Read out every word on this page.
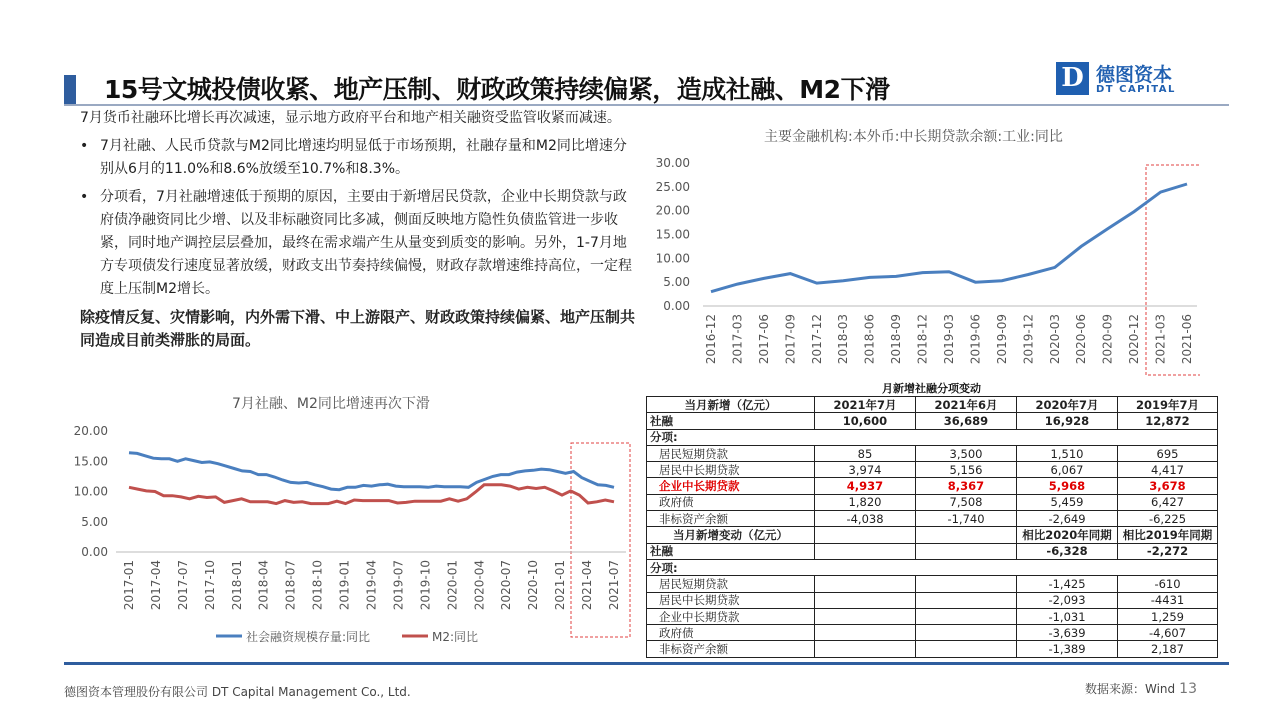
15号文城投债收紧、地产压制、财政政策持续偏紧，造成社融、M2下滑	D 德图资本
DT CAPITAL

7月货币社融环比增长再次减速，显示地方政府平台和地产相关融资受监管收紧而减速。

• 7月社融、人民币贷款与M2同比增速均明显低于市场预期，社融存量和M2同比增速分别从6月的11.0%和8.6%放缓至10.7%和8.3%。

• 分项看，7月社融增速低于预期的原因，主要由于新增居民贷款，企业中长期贷款与政府债净融资同比少增、以及非标融资同比多减，侧面反映地方隐性负债监管进一步收紧，同时地产调控层层叠加，最终在需求端产生从量变到质变的影响。另外，1-7月地方专项债发行速度显著放缓，财政支出节奏持续偏慢，财政存款增速维持高位，一定程度上压制M2增长。

除疫情反复、灾情影响，内外需下滑、中上游限产、财政政策持续偏紧、地产压制共同造成目前类滞胀的局面。

7月社融、M2同比增速再次下滑
20.00
15.00
10.00
5.00
0.00
2017-01 2017-04 2017-07 2017-10 2018-01 2018-04 2018-07 2018-10 2019-01 2019-04 2019-07 2019-10 2020-01 2020-04 2020-07 2020-10 2021-01 2021-04 2021-07
社会融资规模存量:同比	M2:同比
主要金融机构:本外币:中长期贷款余额:工业:同比
30.00
25.00
20.00
15.00
10.00
5.00
0.00
2016-12 2017-03 2017-06 2017-09 2017-12 2018-03 2018-06 2018-09 2018-12 2019-03 2019-06 2019-09 2019-12 2020-03 2020-06 2020-09 2020-12 2021-03 2021-06
月新增社融分项变动
当月新增（亿元）	2021年7月	2021年6月	2020年7月	2019年7月
社融	10,600	36,689	16,928	12,872
分项:				
居民短期贷款	85	3,500	1,510	695
居民中长期贷款	3,974	5,156	6,067	4,417
企业中长期贷款	4,937	8,367	5,968	3,678
政府债	1,820	7,508	5,459	6,427
非标资产余额	-4,038	-1,740	-2,649	-6,225
当月新增变动（亿元）			相比2020年同期	相比2019年同期
社融			-6,328	-2,272
分项:				
居民短期贷款			-1,425	-610
居民中长期贷款			-2,093	-4431
企业中长期贷款			-1,031	1,259
政府债			-3,639	-4,607
非标资产余额			-1,389	2,187
德图资本管理股份有限公司 DT Capital Management Co., Ltd.	数据来源：Wind 13
